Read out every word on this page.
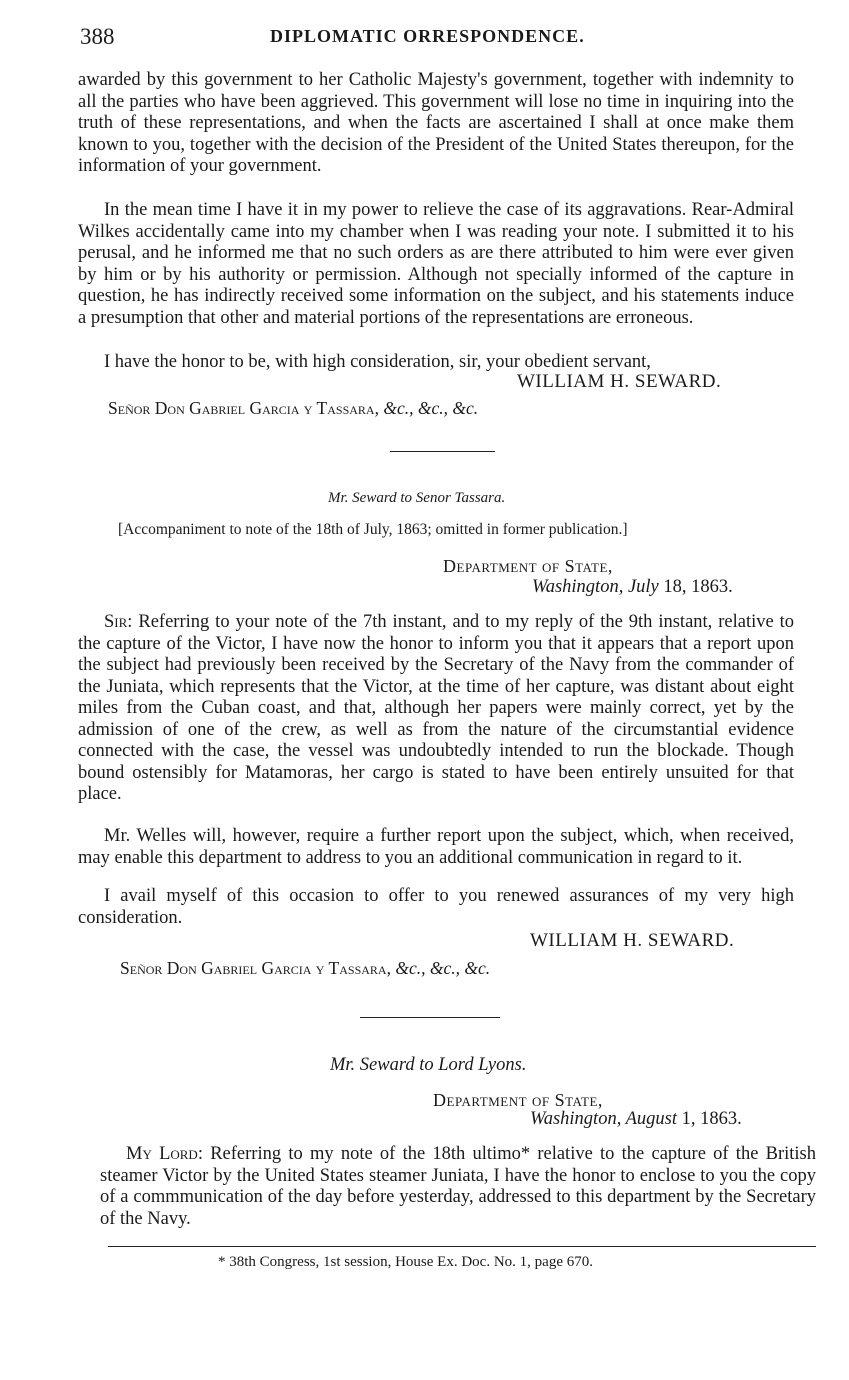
388	DIPLOMATIC ORRESPONDENCE.

awarded by this government to her Catholic Majesty's government, together with indemnity to all the parties who have been aggrieved. This government will lose no time in inquiring into the truth of these representations, and when the facts are ascertained I shall at once make them known to you, together with the decision of the President of the United States thereupon, for the information of your government.

In the mean time I have it in my power to relieve the case of its aggravations. Rear-Admiral Wilkes accidentally came into my chamber when I was reading your note. I submitted it to his perusal, and he informed me that no such orders as are there attributed to him were ever given by him or by his authority or permission. Although not specially informed of the capture in question, he has indirectly received some information on the subject, and his statements induce a presumption that other and material portions of the representations are erroneous.

I have the honor to be, with high consideration, sir, your obedient servant,

WILLIAM H. SEWARD.
Señor Don Gabriel Garcia y Tassara, &c., &c., &c.
Mr. Seward to Senor Tassara.
[Accompaniment to note of the 18th of July, 1863; omitted in former publication.]
Department of State,
Washington, July 18, 1863.

Sir: Referring to your note of the 7th instant, and to my reply of the 9th instant, relative to the capture of the Victor, I have now the honor to inform you that it appears that a report upon the subject had previously been received by the Secretary of the Navy from the commander of the Juniata, which represents that the Victor, at the time of her capture, was distant about eight miles from the Cuban coast, and that, although her papers were mainly correct, yet by the admission of one of the crew, as well as from the nature of the circumstantial evidence connected with the case, the vessel was undoubtedly intended to run the blockade. Though bound ostensibly for Matamoras, her cargo is stated to have been entirely unsuited for that place.

Mr. Welles will, however, require a further report upon the subject, which, when received, may enable this department to address to you an additional communication in regard to it.

I avail myself of this occasion to offer to you renewed assurances of my very high consideration.

WILLIAM H. SEWARD.
Señor Don Gabriel Garcia y Tassara, &c., &c., &c.
Mr. Seward to Lord Lyons.
Department of State,
Washington, August 1, 1863.

My Lord: Referring to my note of the 18th ultimo* relative to the capture of the British steamer Victor by the United States steamer Juniata, I have the honor to enclose to you the copy of a commmunication of the day before yesterday, addressed to this department by the Secretary of the Navy.

* 38th Congress, 1st session, House Ex. Doc. No. 1, page 670.
